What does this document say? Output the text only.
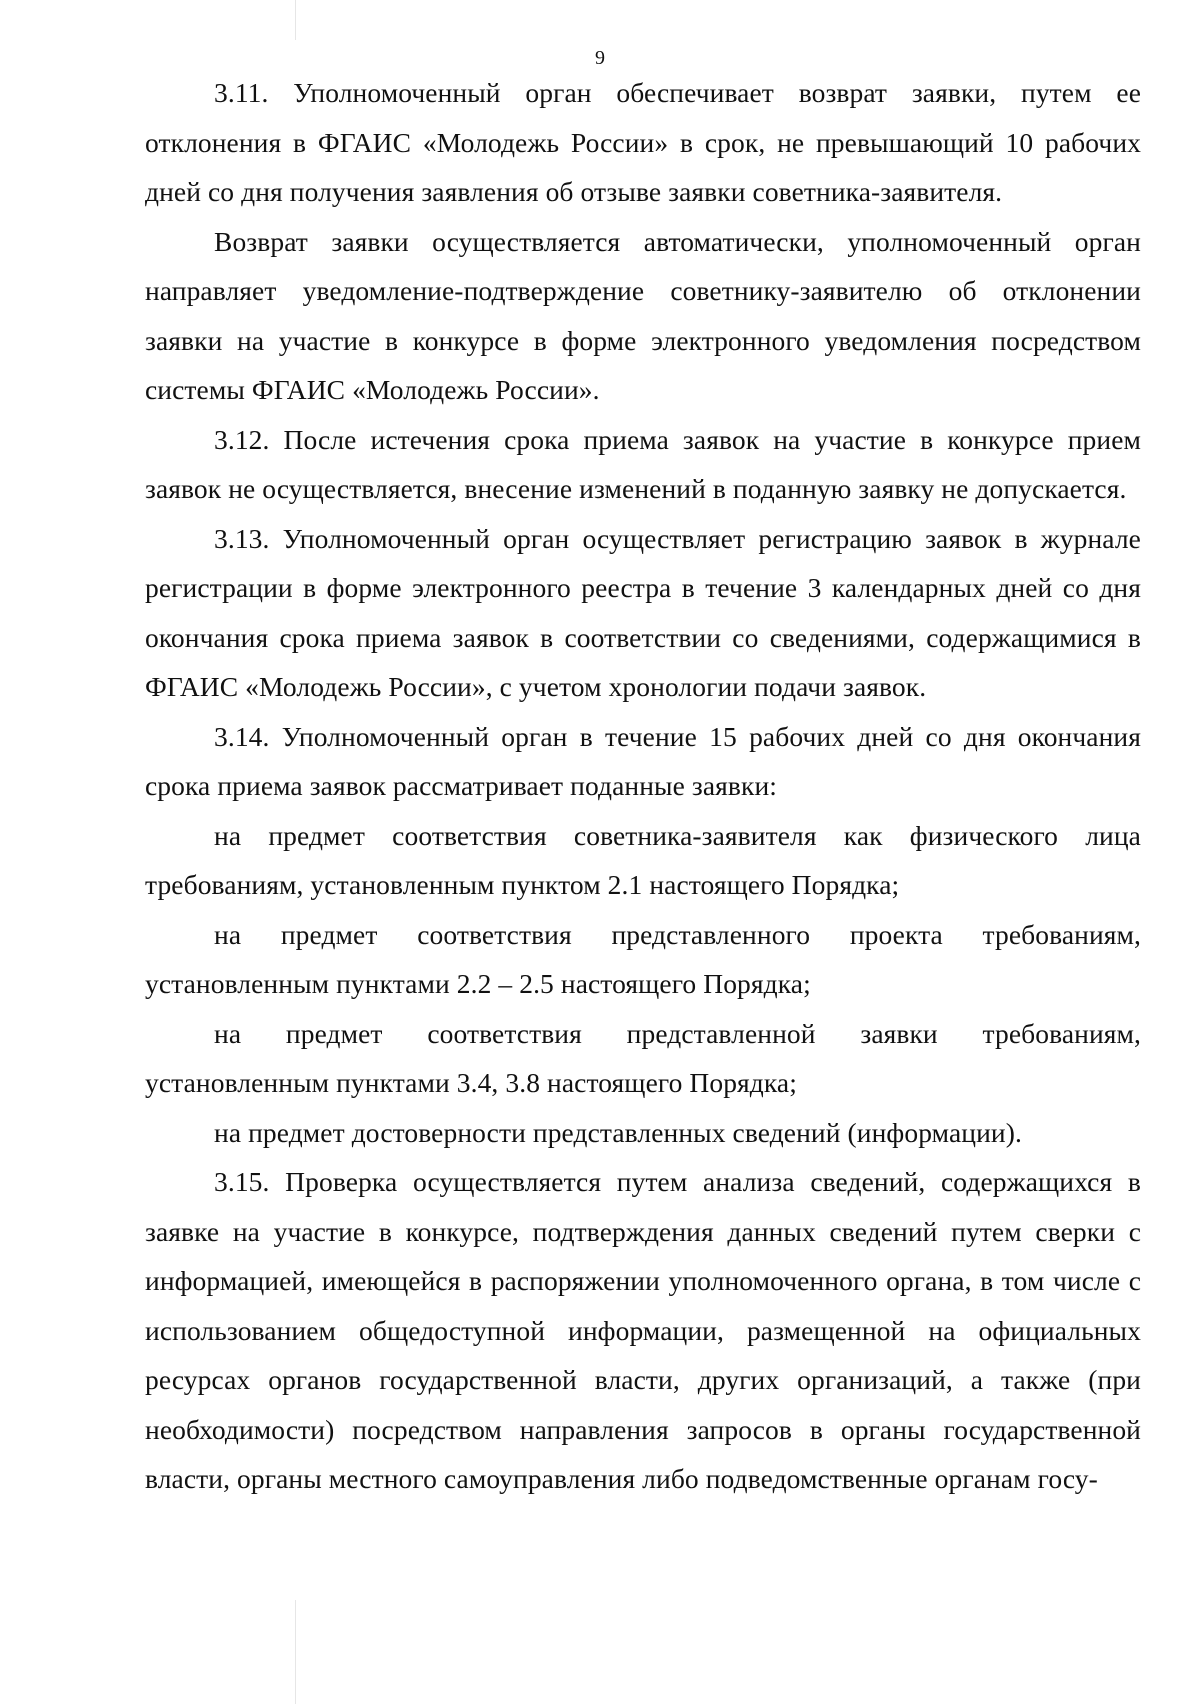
9

3.11. Уполномоченный орган обеспечивает возврат заявки, путем ее отклонения в ФГАИС «Молодежь России» в срок, не превышающий 10 рабочих дней со дня получения заявления об отзыве заявки советника-заявителя.

Возврат заявки осуществляется автоматически, уполномоченный орган направляет уведомление-подтверждение советнику-заявителю об отклонении заявки на участие в конкурсе в форме электронного уведомления посредством системы ФГАИС «Молодежь России».

3.12. После истечения срока приема заявок на участие в конкурсе прием заявок не осуществляется, внесение изменений в поданную заявку не допускается.

3.13. Уполномоченный орган осуществляет регистрацию заявок в журнале регистрации в форме электронного реестра в течение 3 календарных дней со дня окончания срока приема заявок в соответствии со сведениями, содержащимися в ФГАИС «Молодежь России», с учетом хронологии подачи заявок.

3.14. Уполномоченный орган в течение 15 рабочих дней со дня окончания срока приема заявок рассматривает поданные заявки:

на предмет соответствия советника-заявителя как физического лица требованиям, установленным пунктом 2.1 настоящего Порядка;

на предмет соответствия представленного проекта требованиям, установленным пунктами 2.2 – 2.5 настоящего Порядка;

на предмет соответствия представленной заявки требованиям, установленным пунктами 3.4, 3.8 настоящего Порядка;

на предмет достоверности представленных сведений (информации).

3.15. Проверка осуществляется путем анализа сведений, содержащихся в заявке на участие в конкурсе, подтверждения данных сведений путем сверки с информацией, имеющейся в распоряжении уполномоченного органа, в том числе с использованием общедоступной информации, размещенной на официальных ресурсах органов государственной власти, других организаций, а также (при необходимости) посредством направления запросов в органы государственной власти, органы местного самоуправления либо подведомственные органам госу-
